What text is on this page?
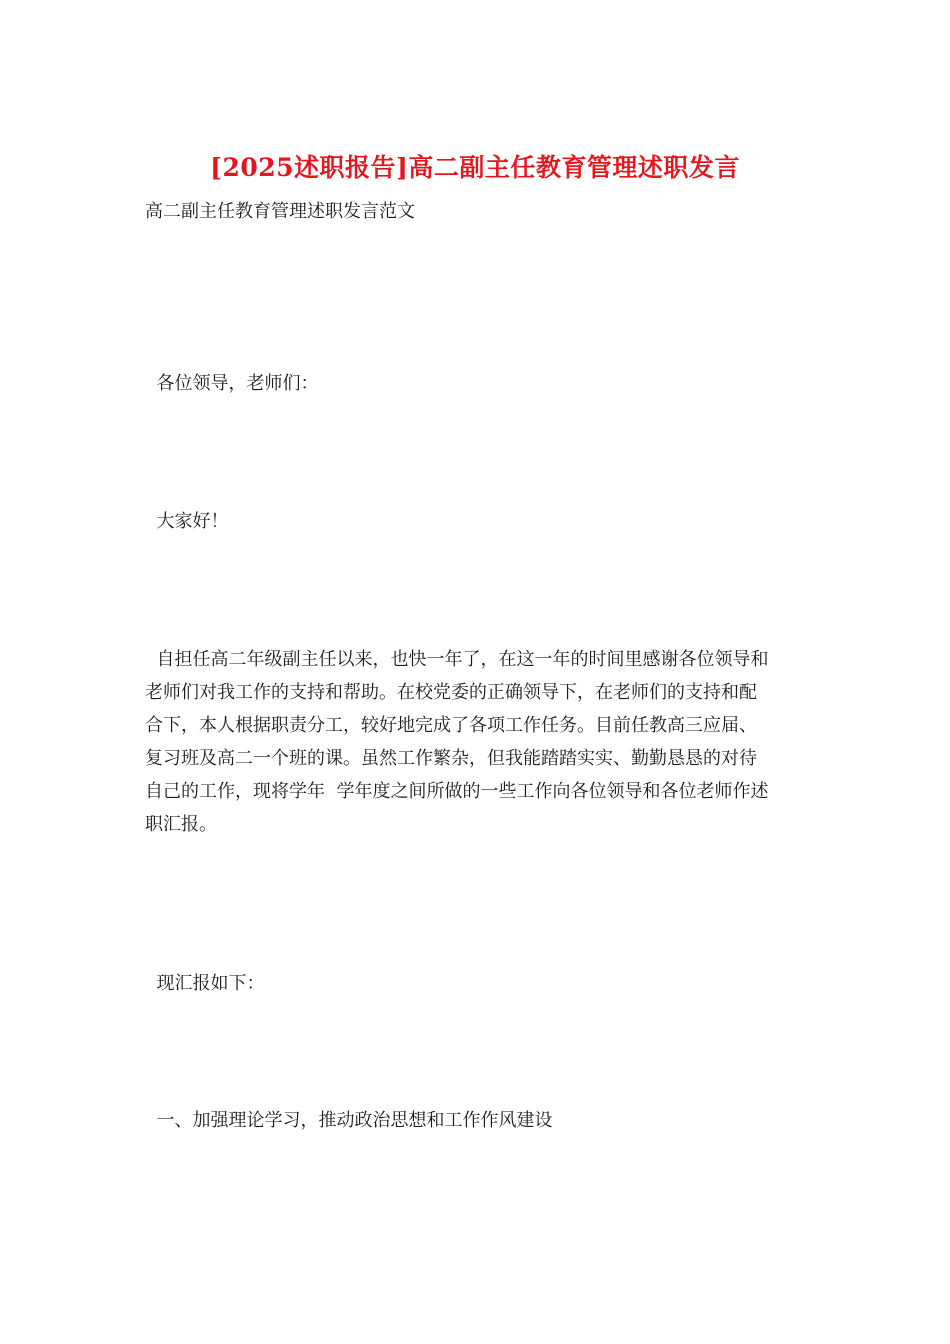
[2025述职报告]高二副主任教育管理述职发言
高二副主任教育管理述职发言范文
各位领导，老师们：
大家好！
自担任高二年级副主任以来，也快一年了，在这一年的时间里感谢各位领导和
老师们对我工作的支持和帮助。在校党委的正确领导下，在老师们的支持和配
合下，本人根据职责分工，较好地完成了各项工作任务。目前任教高三应届、
复习班及高二一个班的课。虽然工作繁杂，但我能踏踏实实、勤勤恳恳的对待
自己的工作，现将学年  学年度之间所做的一些工作向各位领导和各位老师作述
职汇报。
现汇报如下：
一、加强理论学习，推动政治思想和工作作风建设
